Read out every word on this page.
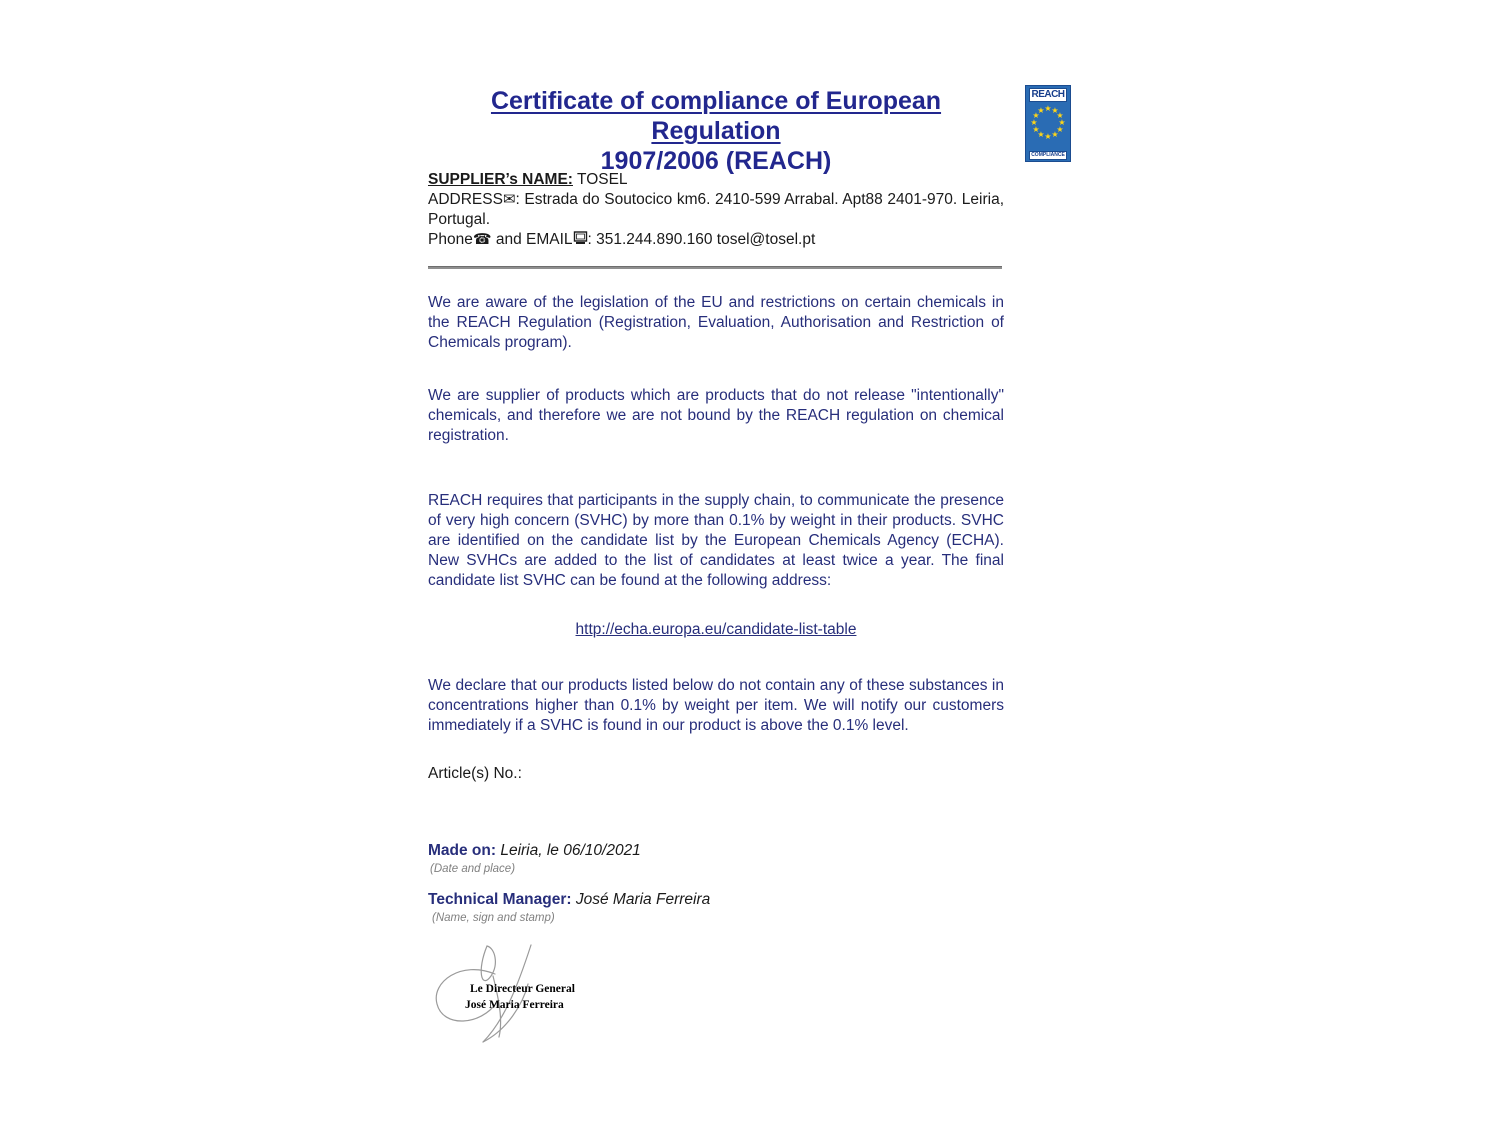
Certificate of compliance of European Regulation
1907/2006 (REACH)
REACH
★ ★
★
★
★
★
★
★
★
★
★
★
COMPLIANCE
SUPPLIER’s NAME: TOSEL
ADDRESS✉: Estrada do Soutocico km6. 2410-599 Arrabal. Apt88 2401-970. Leiria, Portugal.
Phone☎ and EMAIL : 351.244.890.160 tosel@tosel.pt
We are aware of the legislation of the EU and restrictions on certain chemicals in the REACH Regulation (Registration, Evaluation, Authorisation and Restriction of Chemicals program).
We are supplier of products which are products that do not release "intentionally" chemicals, and therefore we are not bound by the REACH regulation on chemical registration.
REACH requires that participants in the supply chain, to communicate the presence of very high concern (SVHC) by more than 0.1% by weight in their products. SVHC are identified on the candidate list by the European Chemicals Agency (ECHA). New SVHCs are added to the list of candidates at least twice a year. The final candidate list SVHC can be found at the following address:
http://echa.europa.eu/candidate-list-table
We declare that our products listed below do not contain any of these substances in concentrations higher than 0.1% by weight per item. We will notify our customers immediately if a SVHC is found in our product is above the 0.1% level.
Article(s) No.:
Made on: Leiria, le 06/10/2021
(Date and place)
Technical Manager: José Maria Ferreira
(Name, sign and stamp)
Le Directeur General
José Maria Ferreira
